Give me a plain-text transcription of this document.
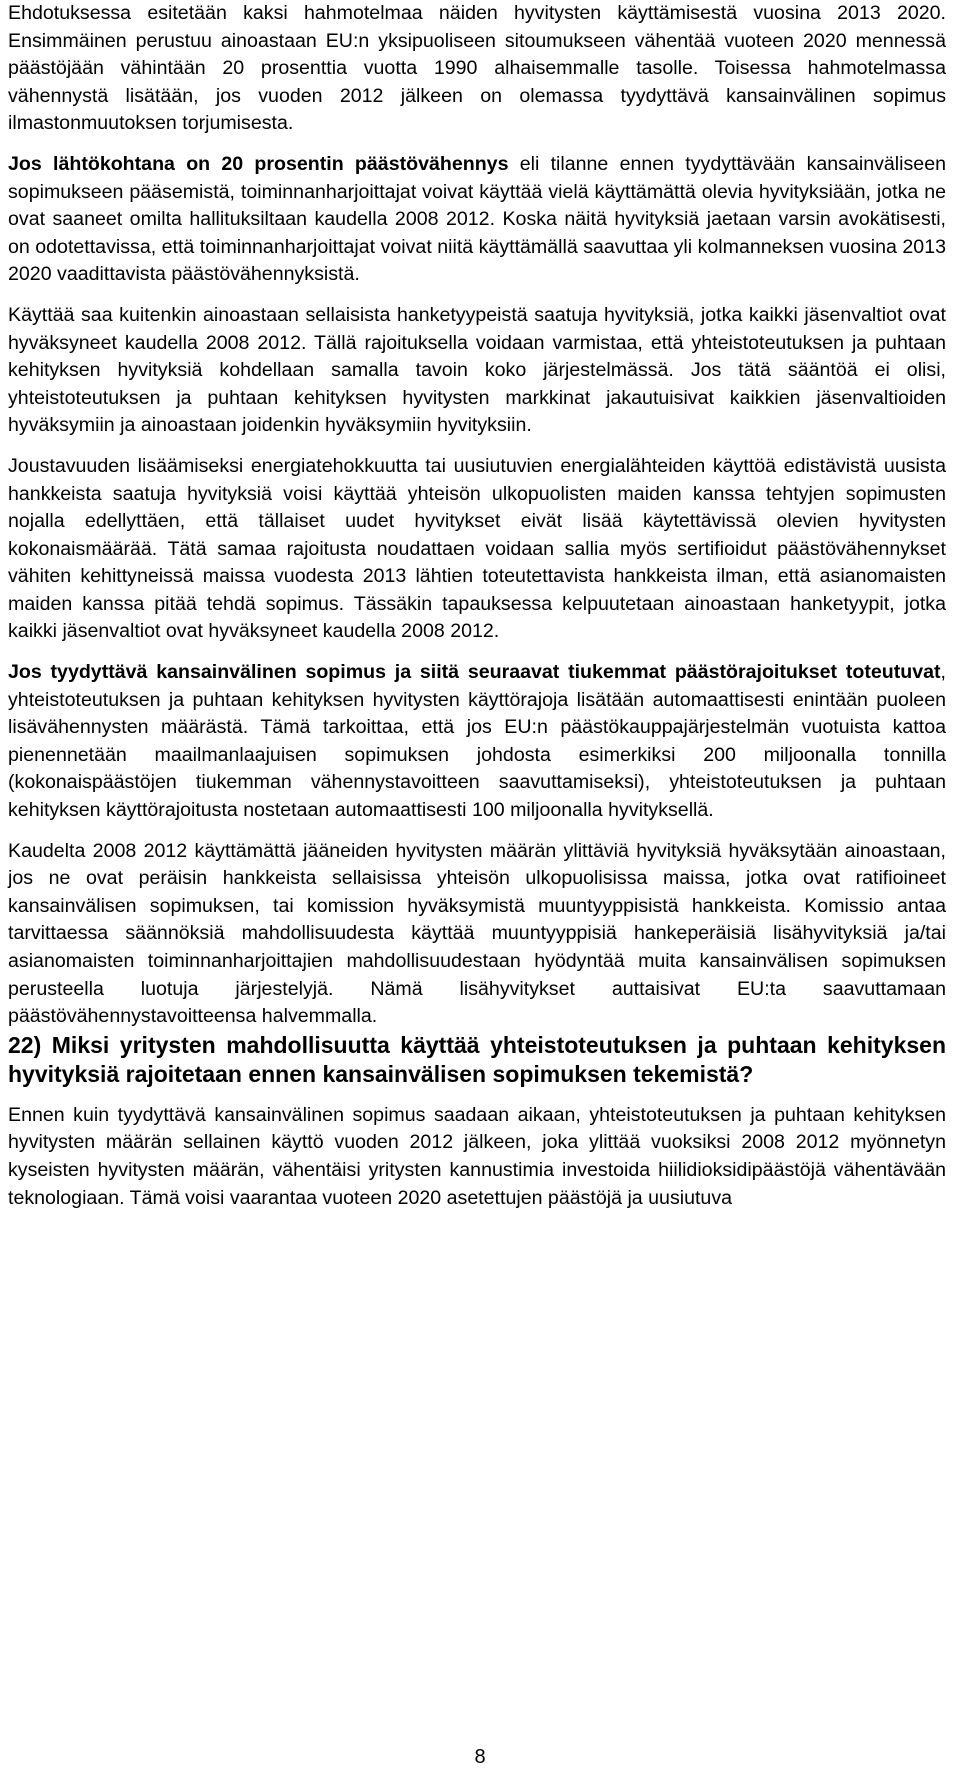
Ehdotuksessa esitetään kaksi hahmotelmaa näiden hyvitysten käyttämisestä vuosina 2013 2020. Ensimmäinen perustuu ainoastaan EU:n yksipuoliseen sitoumukseen vähentää vuoteen 2020 mennessä päästöjään vähintään 20 prosenttia vuotta 1990 alhaisemmalle tasolle. Toisessa hahmotelmassa vähennystä lisätään, jos vuoden 2012 jälkeen on olemassa tyydyttävä kansainvälinen sopimus ilmastonmuutoksen torjumisesta.

Jos lähtökohtana on 20 prosentin päästövähennys eli tilanne ennen tyydyttävään kansainväliseen sopimukseen pääsemistä, toiminnanharjoittajat voivat käyttää vielä käyttämättä olevia hyvityksiään, jotka ne ovat saaneet omilta hallituksiltaan kaudella 2008 2012. Koska näitä hyvityksiä jaetaan varsin avokätisesti, on odotettavissa, että toiminnanharjoittajat voivat niitä käyttämällä saavuttaa yli kolmanneksen vuosina 2013 2020 vaadittavista päästövähennyksistä.

Käyttää saa kuitenkin ainoastaan sellaisista hanketyypeistä saatuja hyvityksiä, jotka kaikki jäsenvaltiot ovat hyväksyneet kaudella 2008 2012. Tällä rajoituksella voidaan varmistaa, että yhteistoteutuksen ja puhtaan kehityksen hyvityksiä kohdellaan samalla tavoin koko järjestelmässä. Jos tätä sääntöä ei olisi, yhteistoteutuksen ja puhtaan kehityksen hyvitysten markkinat jakautuisivat kaikkien jäsenvaltioiden hyväksymiin ja ainoastaan joidenkin hyväksymiin hyvityksiin.

Joustavuuden lisäämiseksi energiatehokkuutta tai uusiutuvien energialähteiden käyttöä edistävistä uusista hankkeista saatuja hyvityksiä voisi käyttää yhteisön ulkopuolisten maiden kanssa tehtyjen sopimusten nojalla edellyttäen, että tällaiset uudet hyvitykset eivät lisää käytettävissä olevien hyvitysten kokonaismäärää. Tätä samaa rajoitusta noudattaen voidaan sallia myös sertifioidut päästövähennykset vähiten kehittyneissä maissa vuodesta 2013 lähtien toteutettavista hankkeista ilman, että asianomaisten maiden kanssa pitää tehdä sopimus. Tässäkin tapauksessa kelpuutetaan ainoastaan hanketyypit, jotka kaikki jäsenvaltiot ovat hyväksyneet kaudella 2008 2012.

Jos tyydyttävä kansainvälinen sopimus ja siitä seuraavat tiukemmat päästörajoitukset toteutuvat, yhteistoteutuksen ja puhtaan kehityksen hyvitysten käyttörajoja lisätään automaattisesti enintään puoleen lisävähennysten määrästä. Tämä tarkoittaa, että jos EU:n päästökauppajärjestelmän vuotuista kattoa pienennetään maailmanlaajuisen sopimuksen johdosta esimerkiksi 200 miljoonalla tonnilla (kokonaispäästöjen tiukemman vähennystavoitteen saavuttamiseksi), yhteistoteutuksen ja puhtaan kehityksen käyttörajoitusta nostetaan automaattisesti 100 miljoonalla hyvityksellä.

Kaudelta 2008 2012 käyttämättä jääneiden hyvitysten määrän ylittäviä hyvityksiä hyväksytään ainoastaan, jos ne ovat peräisin hankkeista sellaisissa yhteisön ulkopuolisissa maissa, jotka ovat ratifioineet kansainvälisen sopimuksen, tai komission hyväksymistä muuntyyppisistä hankkeista. Komissio antaa tarvittaessa säännöksiä mahdollisuudesta käyttää muuntyyppisiä hankeperäisiä lisähyvityksiä ja/tai asianomaisten toiminnanharjoittajien mahdollisuudestaan hyödyntää muita kansainvälisen sopimuksen perusteella luotuja järjestelyjä. Nämä lisähyvitykset auttaisivat EU:ta saavuttamaan päästövähennystavoitteensa halvemmalla.

22) Miksi yritysten mahdollisuutta käyttää yhteistoteutuksen ja puhtaan kehityksen hyvityksiä rajoitetaan ennen kansainvälisen sopimuksen tekemistä?

Ennen kuin tyydyttävä kansainvälinen sopimus saadaan aikaan, yhteistoteutuksen ja puhtaan kehityksen hyvitysten määrän sellainen käyttö vuoden 2012 jälkeen, joka ylittää vuoksiksi 2008 2012 myönnetyn kyseisten hyvitysten määrän, vähentäisi yritysten kannustimia investoida hiilidioksidipäästöjä vähentävään teknologiaan. Tämä voisi vaarantaa vuoteen 2020 asetettujen päästöjä ja uusiutuva

8
